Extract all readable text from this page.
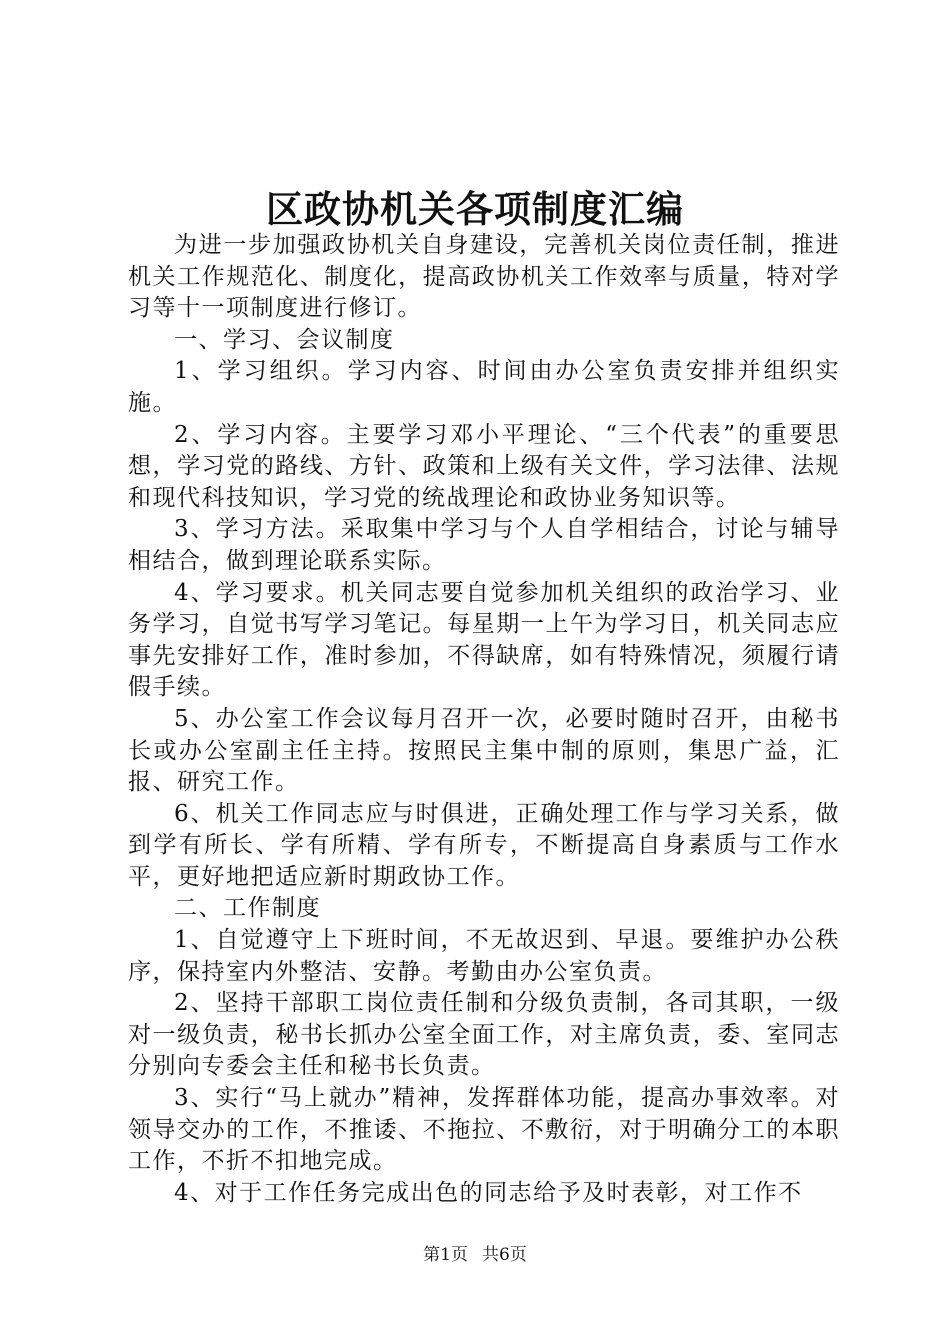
区政协机关各项制度汇编

为进一步加强政协机关自身建设，完善机关岗位责任制，推进机关工作规范化、制度化，提高政协机关工作效率与质量，特对学习等十一项制度进行修订。

一、学习、会议制度

1、学习组织。学习内容、时间由办公室负责安排并组织实施。

2、学习内容。主要学习邓小平理论、“三个代表”的重要思想，学习党的路线、方针、政策和上级有关文件，学习法律、法规和现代科技知识，学习党的统战理论和政协业务知识等。

3、学习方法。采取集中学习与个人自学相结合，讨论与辅导相结合，做到理论联系实际。

4、学习要求。机关同志要自觉参加机关组织的政治学习、业务学习，自觉书写学习笔记。每星期一上午为学习日，机关同志应事先安排好工作，准时参加，不得缺席，如有特殊情况，须履行请假手续。

5、办公室工作会议每月召开一次，必要时随时召开，由秘书长或办公室副主任主持。按照民主集中制的原则，集思广益，汇报、研究工作。

6、机关工作同志应与时俱进，正确处理工作与学习关系，做到学有所长、学有所精、学有所专，不断提高自身素质与工作水平，更好地把适应新时期政协工作。

二、工作制度

1、自觉遵守上下班时间，不无故迟到、早退。要维护办公秩序，保持室内外整洁、安静。考勤由办公室负责。

2、坚持干部职工岗位责任制和分级负责制，各司其职，一级对一级负责，秘书长抓办公室全面工作，对主席负责，委、室同志分别向专委会主任和秘书长负责。

3、实行“马上就办”精神，发挥群体功能，提高办事效率。对领导交办的工作，不推诿、不拖拉、不敷衍，对于明确分工的本职工作，不折不扣地完成。

4、对于工作任务完成出色的同志给予及时表彰，对工作不

第1页 共6页
